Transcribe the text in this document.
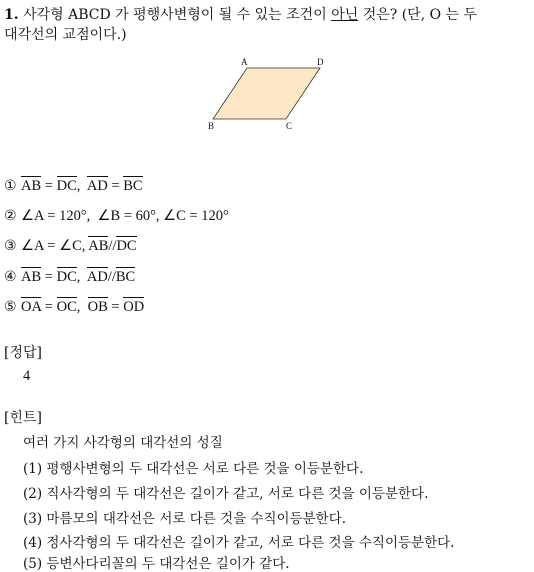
1. 사각형 ABCD 가 평행사변형이 될 수 있는 조건이 아닌 것은? (단, O 는 두
대각선의 교점이다.)
A	D
B	C
① AB = DC,  AD = BC
② ∠A = 120°,  ∠B = 60°, ∠C = 120°
③ ∠A = ∠C, AB//DC
④ AB = DC,  AD//BC
⑤ OA = OC,  OB = OD
[정답]
4
[힌트]
여러 가지 사각형의 대각선의 성질
(1) 평행사변형의 두 대각선은 서로 다른 것을 이등분한다.
(2) 직사각형의 두 대각선은 길이가 같고, 서로 다른 것을 이등분한다.
(3) 마름모의 대각선은 서로 다른 것을 수직이등분한다.
(4) 정사각형의 두 대각선은 길이가 같고, 서로 다른 것을 수직이등분한다.
(5) 등변사다리꼴의 두 대각선은 길이가 같다.
